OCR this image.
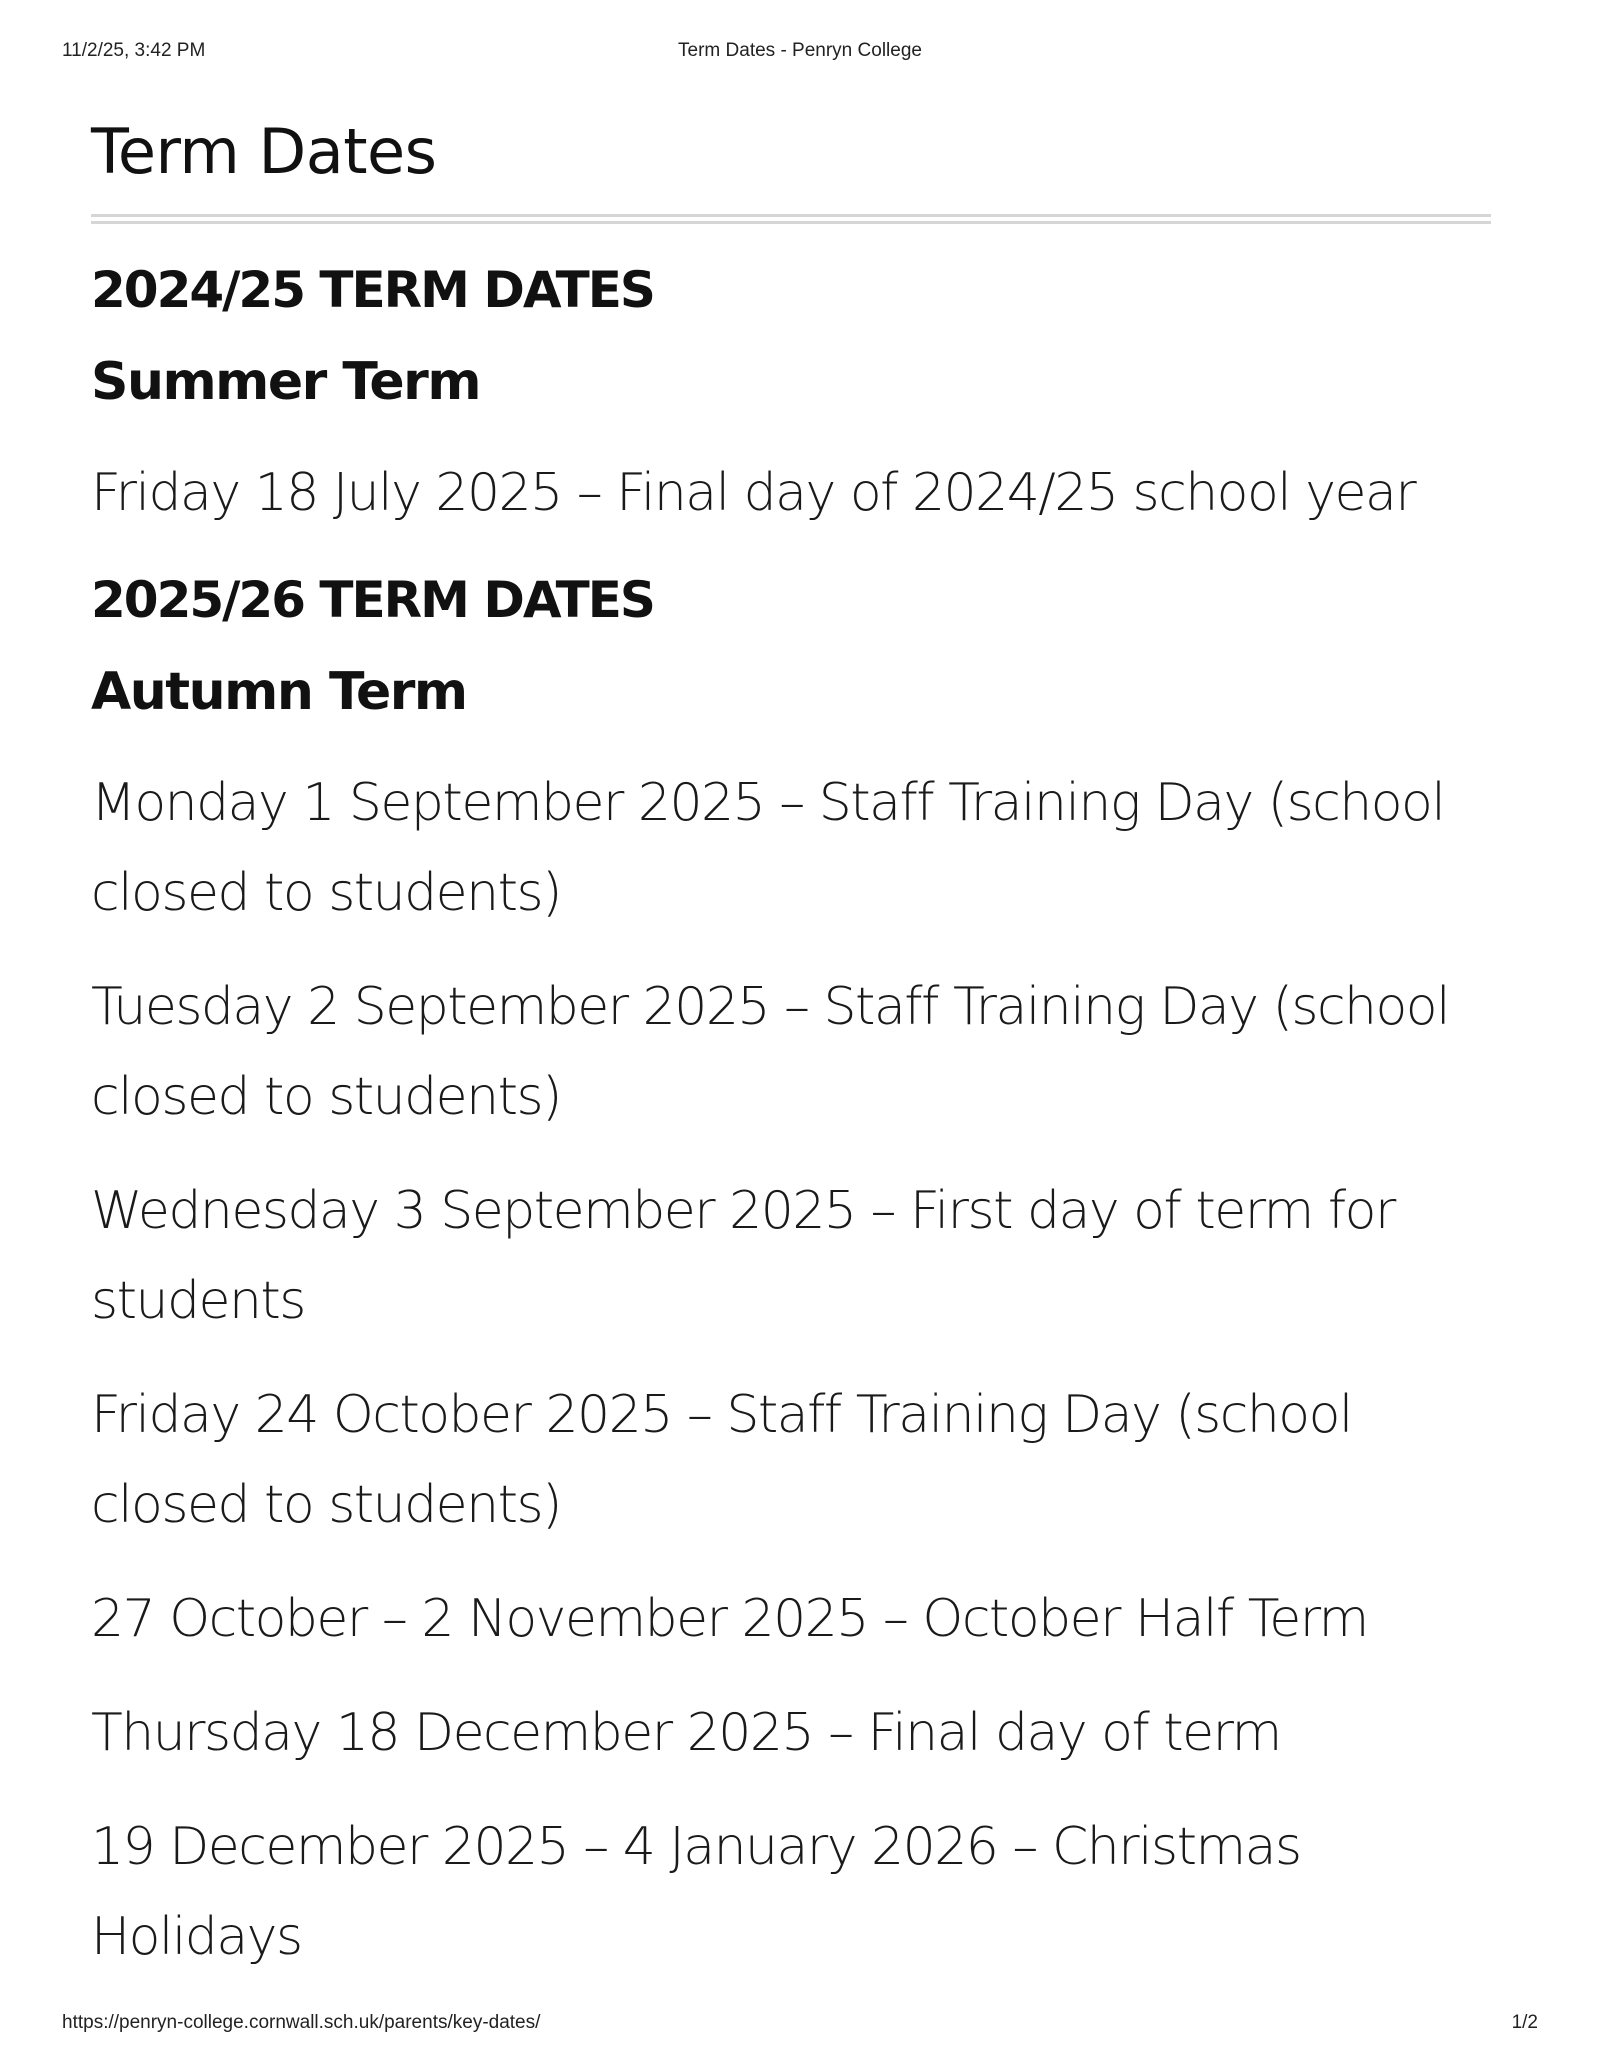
11/2/25, 3:42 PM	Term Dates - Penryn College
Term Dates
2024/25 TERM DATES
Summer Term

Friday 18 July 2025 – Final day of 2024/25 school year

2025/26 TERM DATES
Autumn Term

Monday 1 September 2025 – Staff Training Day (school closed to students)

Tuesday 2 September 2025 – Staff Training Day (school closed to students)

Wednesday 3 September 2025 – First day of term for students

Friday 24 October 2025 – Staff Training Day (school closed to students)

27 October – 2 November 2025 – October Half Term

Thursday 18 December 2025 – Final day of term

19 December 2025 – 4 January 2026 – Christmas Holidays

https://penryn-college.cornwall.sch.uk/parents/key-dates/	1/2
